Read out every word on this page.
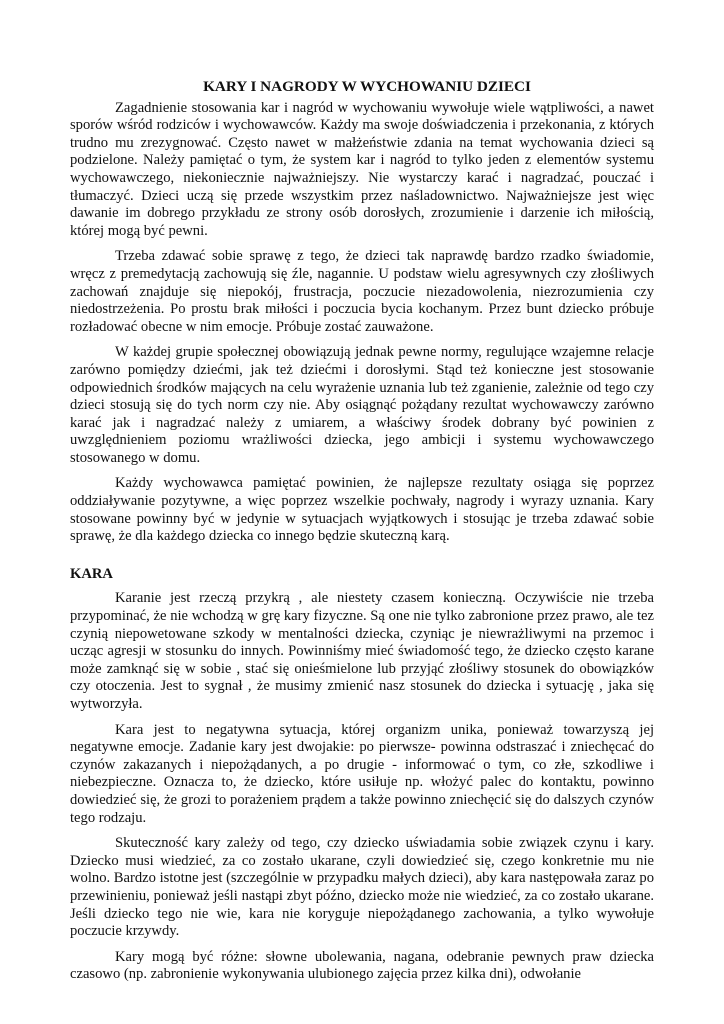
KARY I NAGRODY W WYCHOWANIU DZIECI

Zagadnienie stosowania kar i nagród w wychowaniu wywołuje wiele wątpliwości, a nawet sporów wśród rodziców i wychowawców. Każdy ma swoje doświadczenia i przekonania, z których trudno mu zrezygnować. Często nawet w małżeństwie zdania na temat wychowania dzieci są podzielone. Należy pamiętać o tym, że system kar i nagród to tylko jeden z elementów systemu wychowawczego, niekoniecznie najważniejszy. Nie wystarczy karać i nagradzać, pouczać i tłumaczyć. Dzieci uczą się przede wszystkim przez naśladownictwo. Najważniejsze jest więc dawanie im dobrego przykładu ze strony osób dorosłych, zrozumienie i darzenie ich miłością, której mogą być pewni.

Trzeba zdawać sobie sprawę z tego, że dzieci tak naprawdę bardzo rzadko świadomie, wręcz z premedytacją zachowują się źle, nagannie. U podstaw wielu agresywnych czy złośliwych zachowań znajduje się niepokój, frustracja, poczucie niezadowolenia, niezrozumienia czy niedostrzeżenia. Po prostu brak miłości i poczucia bycia kochanym. Przez bunt dziecko próbuje rozładować obecne w nim emocje. Próbuje zostać zauważone.

W każdej grupie społecznej obowiązują jednak pewne normy, regulujące wzajemne relacje zarówno pomiędzy dziećmi, jak też dziećmi i dorosłymi. Stąd też konieczne jest stosowanie odpowiednich środków mających na celu wyrażenie uznania lub też zganienie, zależnie od tego czy dzieci stosują się do tych norm czy nie. Aby osiągnąć pożądany rezultat wychowawczy zarówno karać jak i nagradzać należy z umiarem, a właściwy środek dobrany być powinien z uwzględnieniem poziomu wrażliwości dziecka, jego ambicji i systemu wychowawczego stosowanego w domu.

Każdy wychowawca pamiętać powinien, że najlepsze rezultaty osiąga się poprzez oddziaływanie pozytywne, a więc poprzez wszelkie pochwały, nagrody i wyrazy uznania. Kary stosowane powinny być w jedynie w sytuacjach wyjątkowych i stosując je trzeba zdawać sobie sprawę, że dla każdego dziecka co innego będzie skuteczną karą.

KARA

Karanie jest rzeczą przykrą , ale niestety czasem konieczną. Oczywiście nie trzeba przypominać, że nie wchodzą w grę kary fizyczne. Są one nie tylko zabronione przez prawo, ale tez czynią niepowetowane szkody w mentalności dziecka, czyniąc je niewrażliwymi na przemoc i ucząc agresji w stosunku do innych. Powinniśmy mieć świadomość tego, że dziecko często karane może zamknąć się w sobie , stać się onieśmielone lub przyjąć złośliwy stosunek do obowiązków czy otoczenia. Jest to sygnał , że musimy zmienić nasz stosunek do dziecka i sytuację , jaka się wytworzyła.

Kara jest to negatywna sytuacja, której organizm unika, ponieważ towarzyszą jej negatywne emocje. Zadanie kary jest dwojakie: po pierwsze- powinna odstraszać i zniechęcać do czynów zakazanych i niepożądanych, a po drugie - informować o tym, co złe, szkodliwe i niebezpieczne. Oznacza to, że dziecko, które usiłuje np. włożyć palec do kontaktu, powinno dowiedzieć się, że grozi to porażeniem prądem a także powinno zniechęcić się do dalszych czynów tego rodzaju.

Skuteczność kary zależy od tego, czy dziecko uświadamia sobie związek czynu i kary. Dziecko musi wiedzieć, za co zostało ukarane, czyli dowiedzieć się, czego konkretnie mu nie wolno. Bardzo istotne jest (szczególnie w przypadku małych dzieci), aby kara następowała zaraz po przewinieniu, ponieważ jeśli nastąpi zbyt późno, dziecko może nie wiedzieć, za co zostało ukarane. Jeśli dziecko tego nie wie, kara nie koryguje niepożądanego zachowania, a tylko wywołuje poczucie krzywdy.

Kary mogą być różne: słowne ubolewania, nagana, odebranie pewnych praw dziecka czasowo (np. zabronienie wykonywania ulubionego zajęcia przez kilka dni), odwołanie
